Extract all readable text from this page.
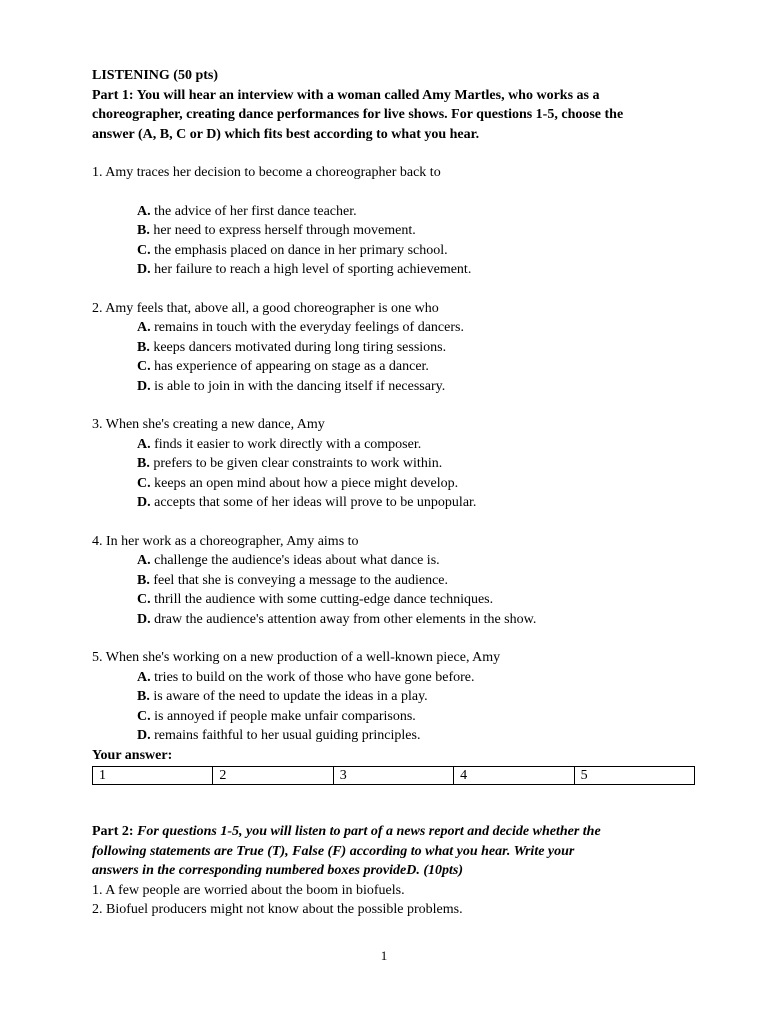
LISTENING (50 pts)
Part 1: You will hear an interview with a woman called Amy Martles, who works as a
choreographer, creating dance performances for live shows. For questions 1-5, choose the
answer (A, B, C or D) which fits best according to what you hear.
1. Amy traces her decision to become a choreographer back to
A. the advice of her first dance teacher.
B. her need to express herself through movement.
C. the emphasis placed on dance in her primary school.
D. her failure to reach a high level of sporting achievement.
2. Amy feels that, above all, a good choreographer is one who
A. remains in touch with the everyday feelings of dancers.
B. keeps dancers motivated during long tiring sessions.
C. has experience of appearing on stage as a dancer.
D. is able to join in with the dancing itself if necessary.
3. When she's creating a new dance, Amy
A. finds it easier to work directly with a composer.
B. prefers to be given clear constraints to work within.
C. keeps an open mind about how a piece might develop.
D. accepts that some of her ideas will prove to be unpopular.
4. In her work as a choreographer, Amy aims to
A. challenge the audience's ideas about what dance is.
B. feel that she is conveying a message to the audience.
C. thrill the audience with some cutting-edge dance techniques.
D. draw the audience's attention away from other elements in the show.
5. When she's working on a new production of a well-known piece, Amy
A. tries to build on the work of those who have gone before.
B. is aware of the need to update the ideas in a play.
C. is annoyed if people make unfair comparisons.
D. remains faithful to her usual guiding principles.
Your answer:
1	2	3	4	5
Part 2: For questions 1-5, you will listen to part of a news report and decide whether the
following statements are True (T), False (F) according to what you hear. Write your
answers in the corresponding numbered boxes provideD. (10pts)
1. A few people are worried about the boom in biofuels.
2. Biofuel producers might not know about the possible problems.
1
